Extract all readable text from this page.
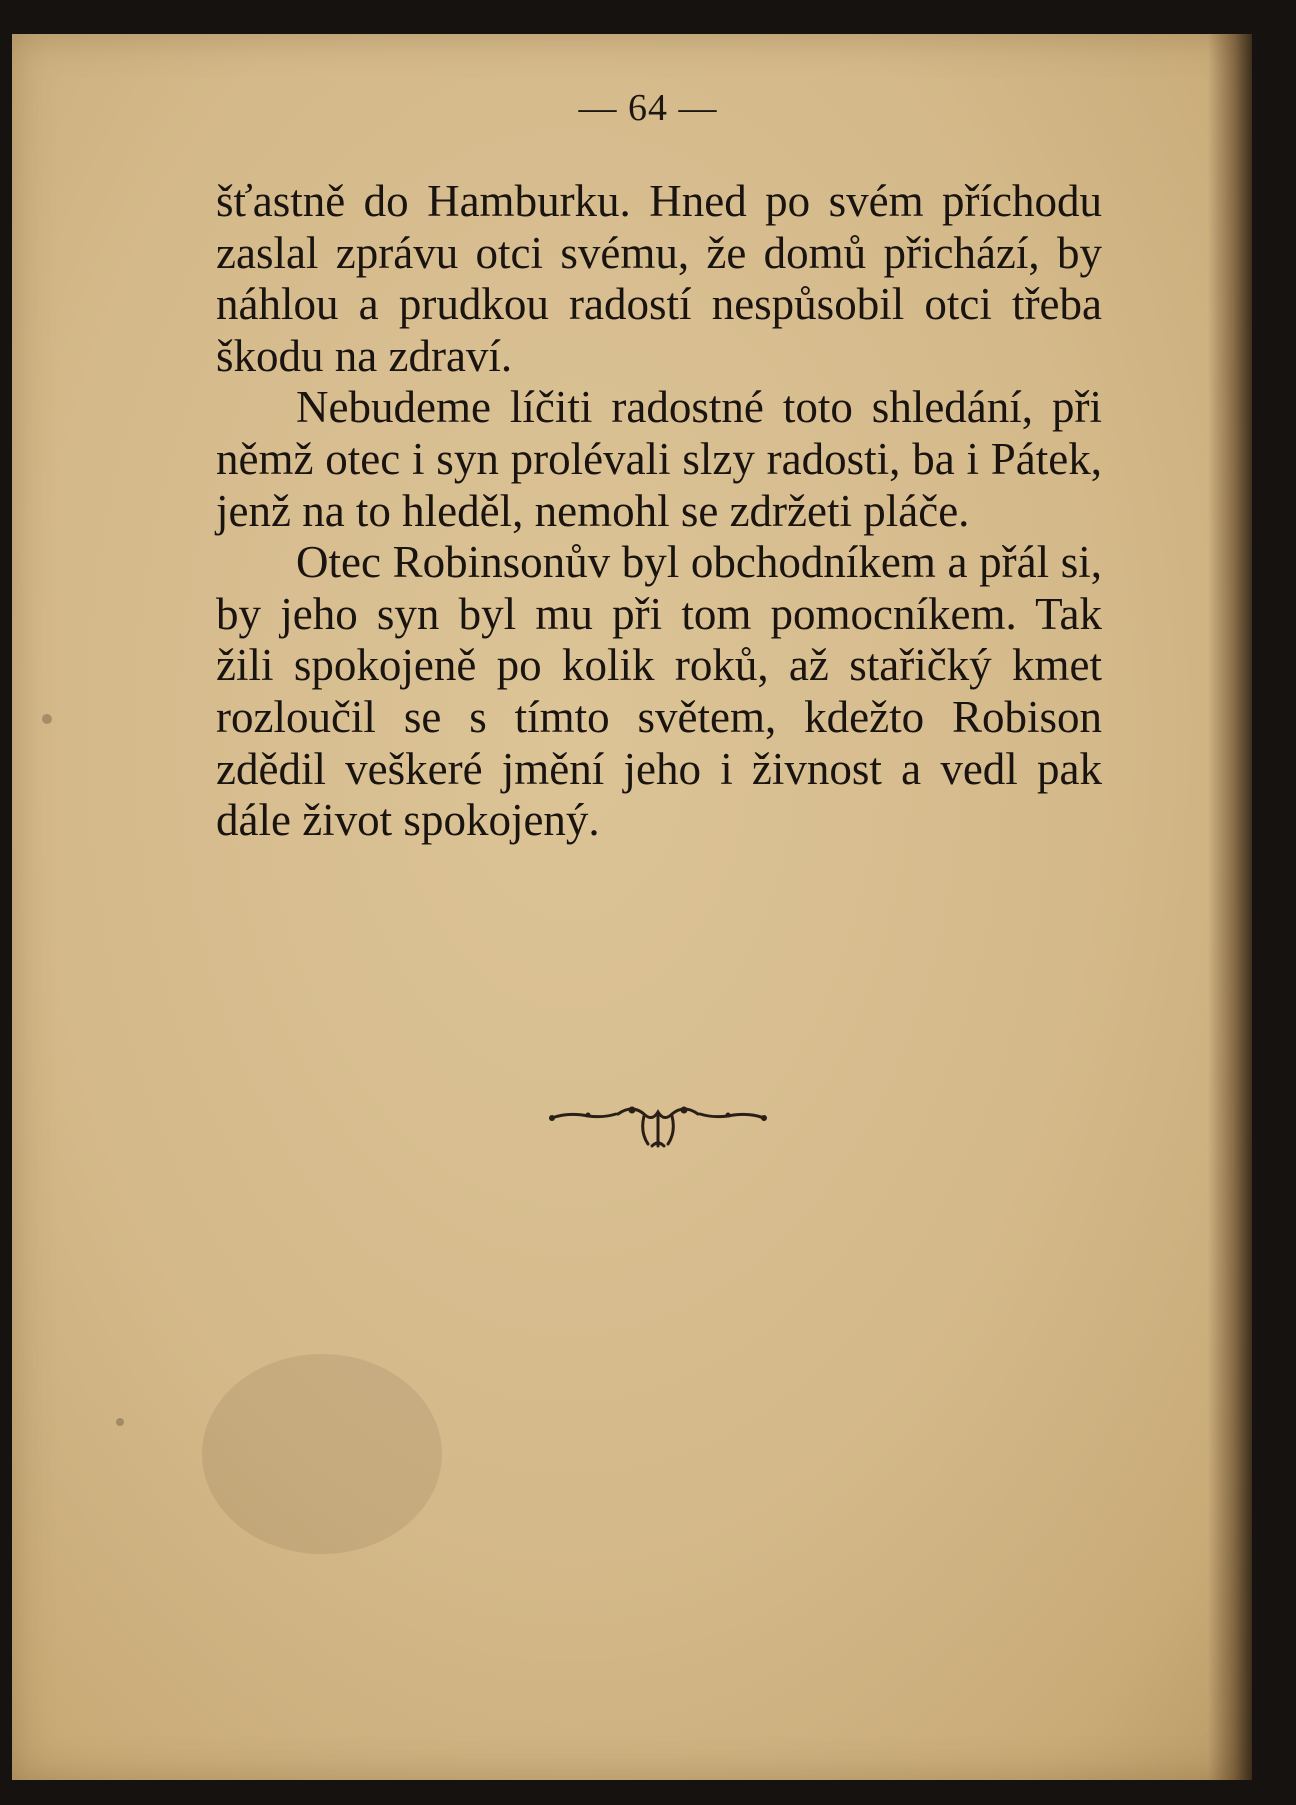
— 64 —

šťastně do Hamburku. Hned po svém příchodu zaslal zprávu otci svému, že domů přichází, by náhlou a prudkou radostí nespůsobil otci třeba škodu na zdraví.

Nebudeme líčiti radostné toto shledání, při němž otec i syn prolévali slzy radosti, ba i Pátek, jenž na to hleděl, nemohl se zdržeti pláče.

Otec Robinsonův byl obchodníkem a přál si, by jeho syn byl mu při tom pomocníkem. Tak žili spokojeně po kolik roků, až stařičký kmet rozloučil se s tímto světem, kdežto Robison zdědil veškeré jmění jeho i živnost a vedl pak dále život spokojený.
